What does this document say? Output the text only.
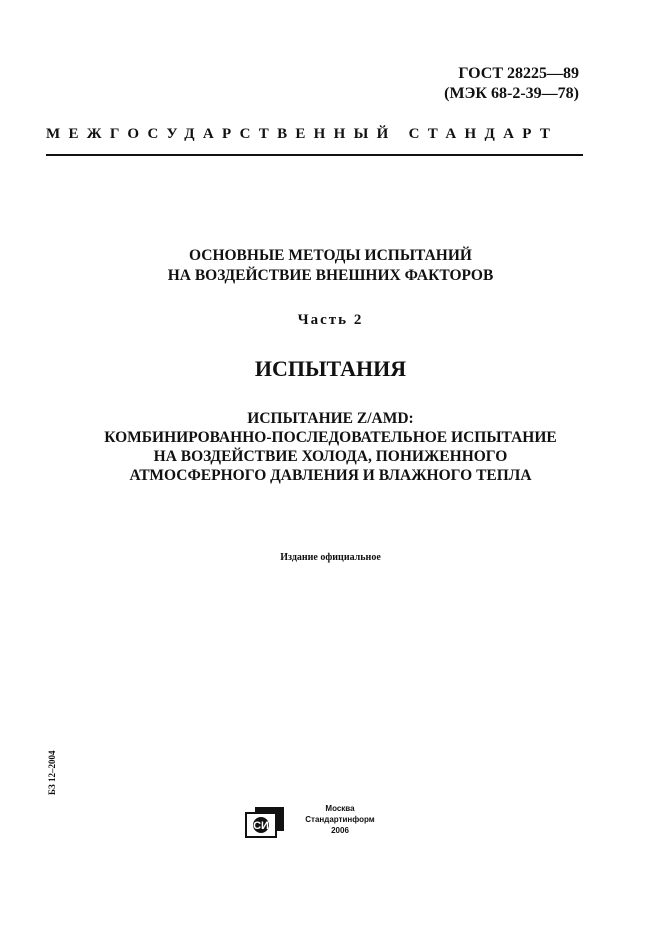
ГОСТ 28225—89
(МЭК 68-2-39—78)
МЕЖГОСУДАРСТВЕННЫЙ СТАНДАРТ
ОСНОВНЫЕ МЕТОДЫ ИСПЫТАНИЙ
НА ВОЗДЕЙСТВИЕ ВНЕШНИХ ФАКТОРОВ
Часть 2
ИСПЫТАНИЯ
ИСПЫТАНИЕ Z/AMD:
КОМБИНИРОВАННО-ПОСЛЕДОВАТЕЛЬНОЕ ИСПЫТАНИЕ
НА ВОЗДЕЙСТВИЕ ХОЛОДА, ПОНИЖЕННОГО
АТМОСФЕРНОГО ДАВЛЕНИЯ И ВЛАЖНОГО ТЕПЛА
Издание официальное
БЗ 12–2004
СИ
Москва
Стандартинформ
2006
